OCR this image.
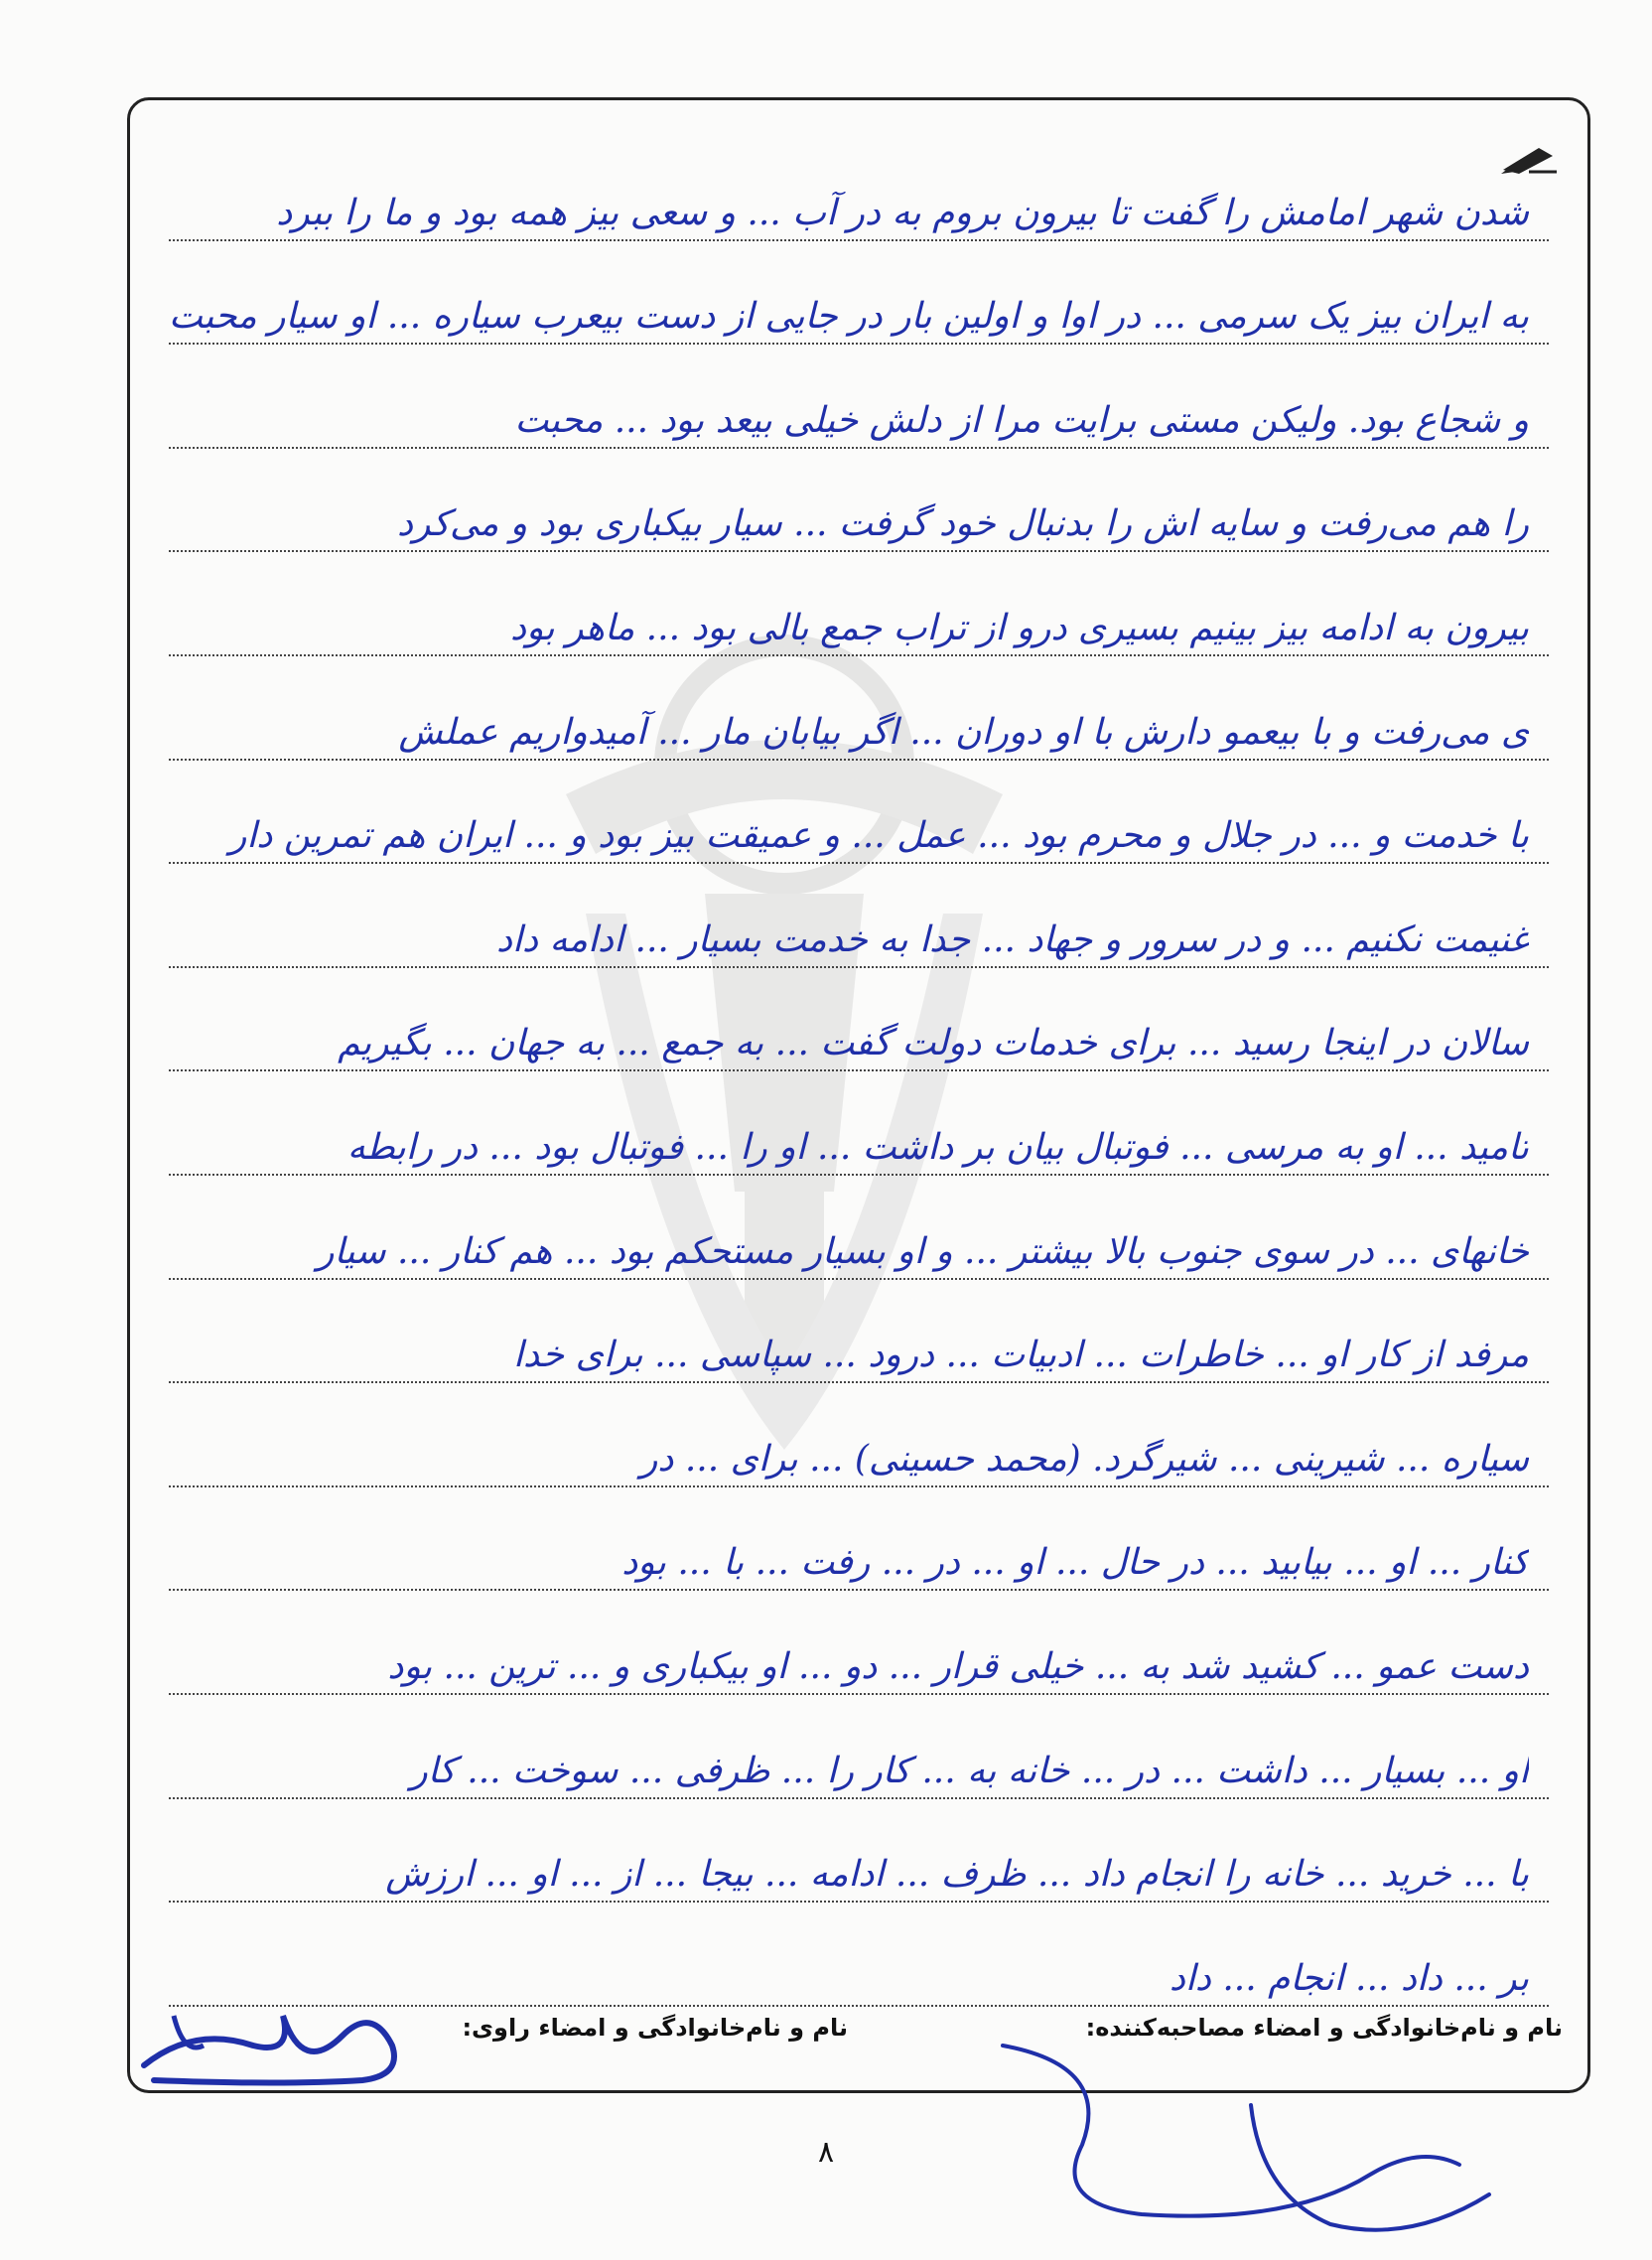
شدن شهر امامش را گفت تا بیرون بروم به در آب ... و سعی بیز همه بود و ما را ببرد
به ایران بیز یک سرمی ... در اوا و اولین بار در جایی از دست بیعرب سیاره ... او سیار محبت
و شجاع بود. ولیکن مستی برایت مرا از دلش خیلی بیعد بود ... محبت
را هم می‌رفت و سایه اش را بدنبال خود گرفت ... سیار بیکباری بود و می‌کرد
بیرون به ادامه بیز بینیم بسیری درو از تراب جمع بالی بود ... ماهر بود
ی می‌رفت و با بیعمو دارش با او دوران ... اگر بیابان مار ... آمیدواریم عملش
با خدمت و ... در جلال و محرم بود ... عمل ... و عمیقت بیز بود و ... ایران هم تمرین دار
غنیمت نکنیم ... و در سرور و جهاد ... جدا به خدمت بسیار ... ادامه داد
سالان در اینجا رسید ... برای خدمات دولت گفت ... به جمع ... به جهان ... بگیریم
تامید ... او به مرسی ... فوتبال بیان بر داشت ... او را ... فوتبال بود ... در رابطه
خانهای ... در سوی جنوب بالا بیشتر ... و او بسیار مستحکم بود ... هم کنار ... سیار
مرفد از کار او ... خاطرات ... ادبیات ... درود ... سپاسی ... برای خدا
سیاره ... شیرینی ... شیرگرد. (محمد حسینی) ... برای ... در
کنار ... او ... بیابید ... در حال ... او ... در ... رفت ... با ... بود
دست عمو ... کشید شد به ... خیلی قرار ... دو ... او بیکباری و ... ترین ... بود
او ... بسیار ... داشت ... در ... خانه به ... کار را ... ظرفی ... سوخت ... کار
با ... خرید ... خانه را انجام داد ... ظرف ... ادامه ... بیجا ... از ... او ... ارزش
بر ... داد ... انجام ... داد
نام و نام‌خانوادگی و امضاء مصاحبه‌کننده:
نام و نام‌خانوادگی و امضاء راوی:
۸
